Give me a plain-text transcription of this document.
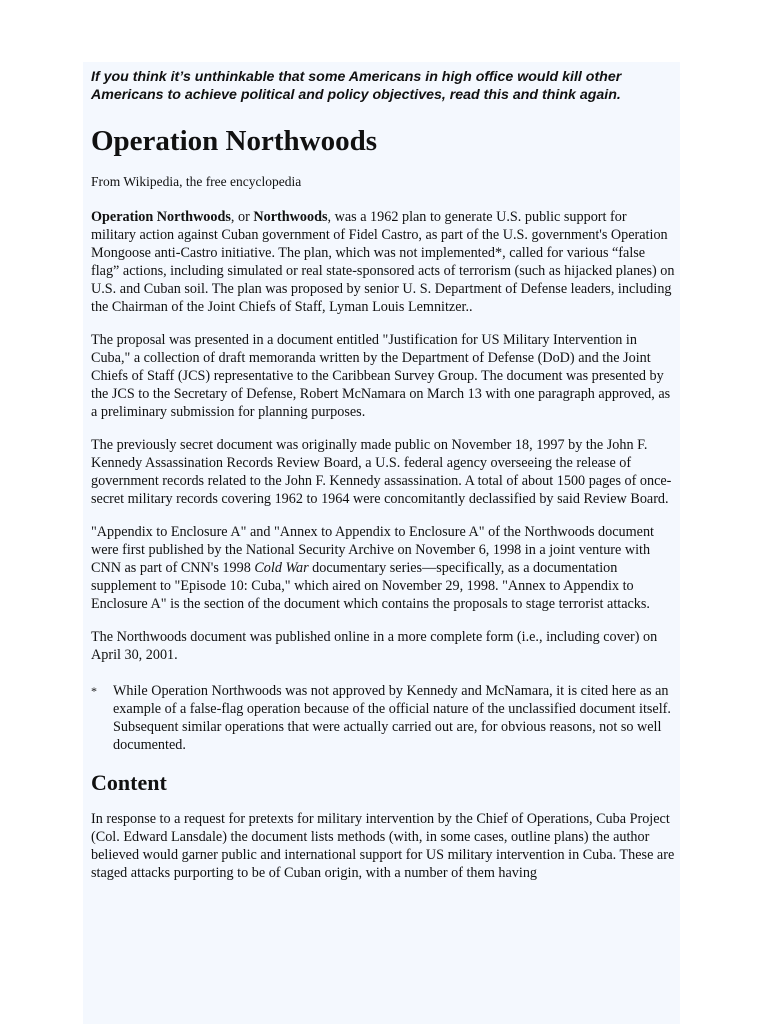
If you think it’s unthinkable that some Americans in high office would kill other Americans to achieve political and policy objectives, read this and think again.

Operation Northwoods

From Wikipedia, the free encyclopedia

Operation Northwoods, or Northwoods, was a 1962 plan to generate U.S. public support for military action against Cuban government of Fidel Castro, as part of the U.S. government's Operation Mongoose anti-Castro initiative. The plan, which was not implemented*, called for various “false flag” actions, including simulated or real state-sponsored acts of terrorism (such as hijacked planes) on U.S. and Cuban soil. The plan was proposed by senior U. S. Department of Defense leaders, including the Chairman of the Joint Chiefs of Staff, Lyman Louis Lemnitzer..

The proposal was presented in a document entitled "Justification for US Military Intervention in Cuba," a collection of draft memoranda written by the Department of Defense (DoD) and the Joint Chiefs of Staff (JCS) representative to the Caribbean Survey Group. The document was presented by the JCS to the Secretary of Defense, Robert McNamara on March 13 with one paragraph approved, as a preliminary submission for planning purposes.

The previously secret document was originally made public on November 18, 1997 by the John F. Kennedy Assassination Records Review Board, a U.S. federal agency overseeing the release of government records related to the John F. Kennedy assassination. A total of about 1500 pages of once-secret military records covering 1962 to 1964 were concomitantly declassified by said Review Board.

"Appendix to Enclosure A" and "Annex to Appendix to Enclosure A" of the Northwoods document were first published by the National Security Archive on November 6, 1998 in a joint venture with CNN as part of CNN's 1998 Cold War documentary series—specifically, as a documentation supplement to "Episode 10: Cuba," which aired on November 29, 1998. "Annex to Appendix to Enclosure A" is the section of the document which contains the proposals to stage terrorist attacks.

The Northwoods document was published online in a more complete form (i.e., including cover) on April 30, 2001.

*	While Operation Northwoods was not approved by Kennedy and McNamara, it is cited here as an example of a false-flag operation because of the official nature of the unclassified document itself. Subsequent similar operations that were actually carried out are, for obvious reasons, not so well documented.
Content

In response to a request for pretexts for military intervention by the Chief of Operations, Cuba Project (Col. Edward Lansdale) the document lists methods (with, in some cases, outline plans) the author believed would garner public and international support for US military intervention in Cuba. These are staged attacks purporting to be of Cuban origin, with a number of them having
